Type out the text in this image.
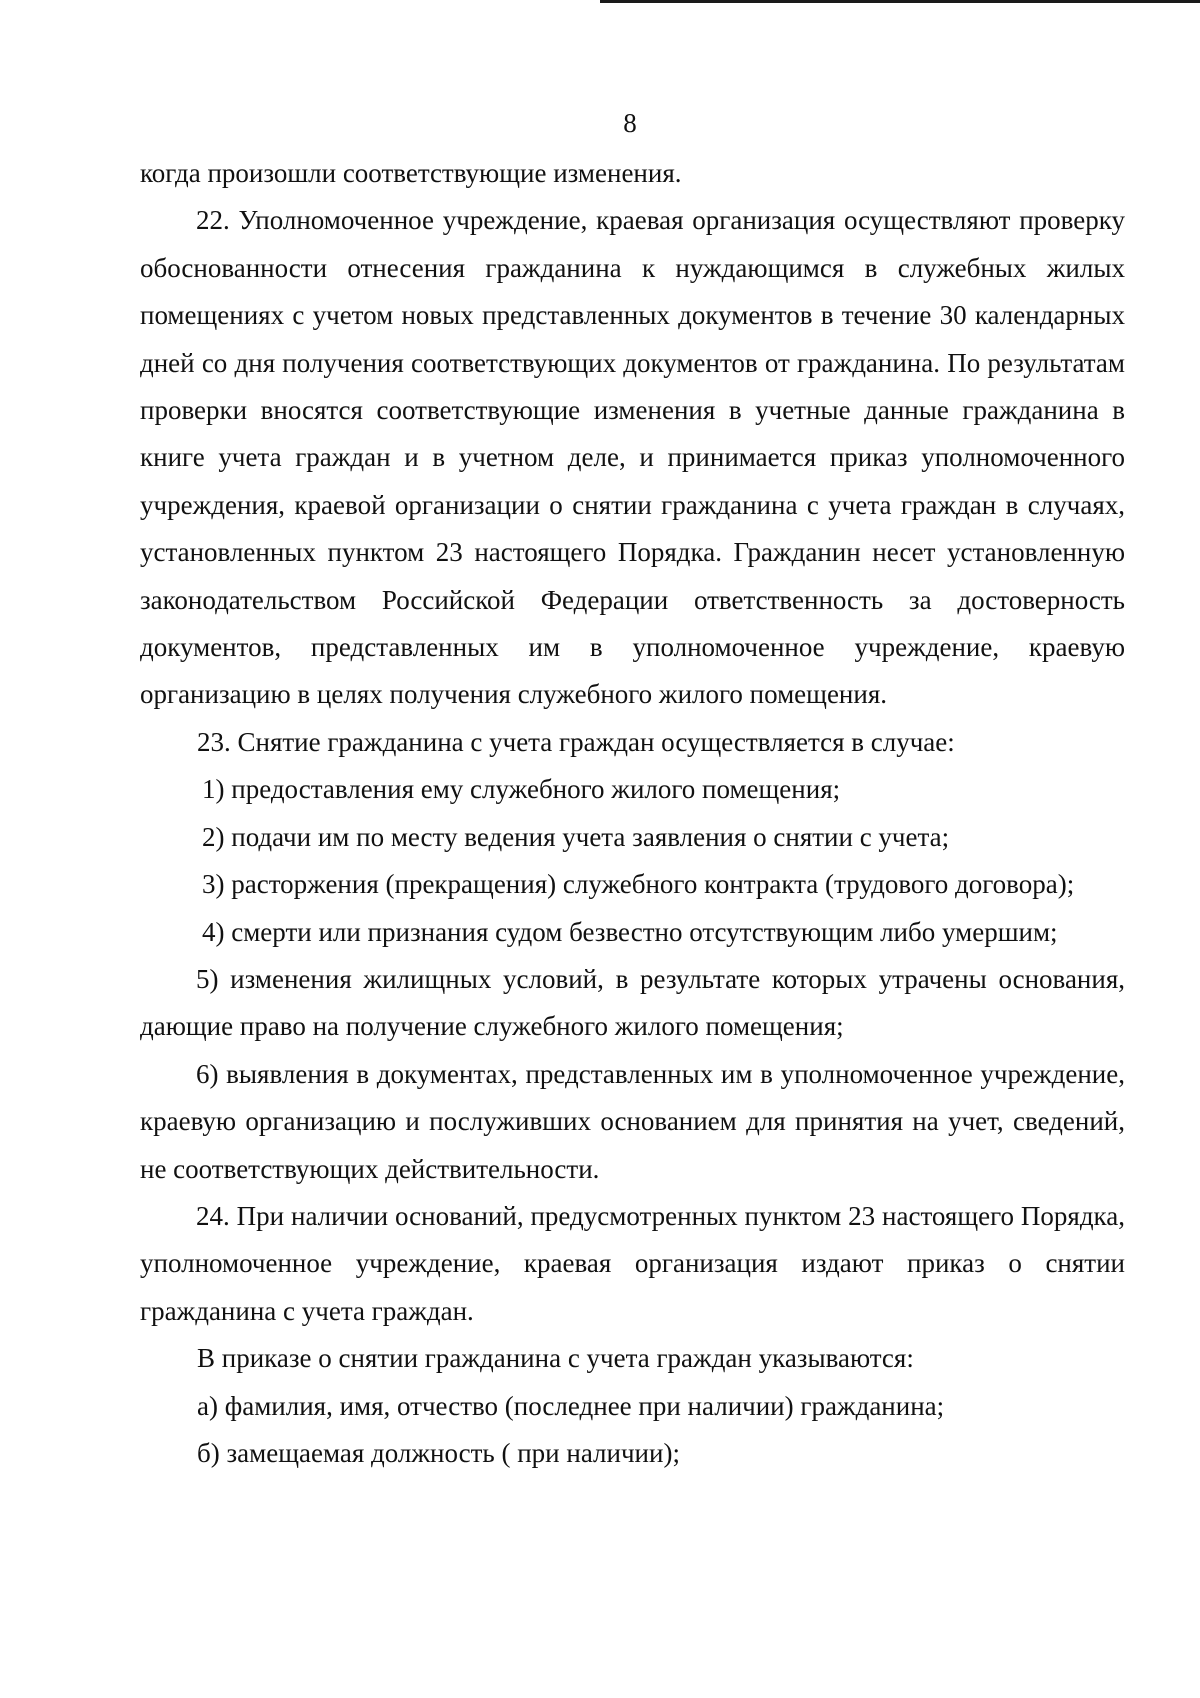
8

когда произошли соответствующие изменения.

22. Уполномоченное учреждение, краевая организация осуществляют проверку обоснованности отнесения гражданина к нуждающимся в служебных жилых помещениях с учетом новых представленных документов в течение 30 календарных дней со дня получения соответствующих документов от гражданина. По результатам проверки вносятся соответствующие изменения в учетные данные гражданина в книге учета граждан и в учетном деле, и принимается приказ уполномоченного учреждения, краевой организации о снятии гражданина с учета граждан в случаях, установленных пунктом 23 настоящего Порядка. Гражданин несет установленную законодательством Российской Федерации ответственность за достоверность документов, представленных им в уполномоченное учреждение, краевую организацию в целях получения служебного жилого помещения.

23. Снятие гражданина с учета граждан осуществляется в случае:

1) предоставления ему служебного жилого помещения;

2) подачи им по месту ведения учета заявления о снятии с учета;

3) расторжения (прекращения) служебного контракта (трудового договора);

4) смерти или признания судом безвестно отсутствующим либо умершим;

5) изменения жилищных условий, в результате которых утрачены основания, дающие право на получение служебного жилого помещения;

6) выявления в документах, представленных им в уполномоченное учреждение, краевую организацию и послуживших основанием для принятия на учет, сведений, не соответствующих действительности.

24. При наличии оснований, предусмотренных пунктом 23 настоящего Порядка, уполномоченное учреждение, краевая организация издают приказ о снятии гражданина с учета граждан.

В приказе о снятии гражданина с учета граждан указываются:

а) фамилия, имя, отчество (последнее при наличии) гражданина;

б) замещаемая должность ( при наличии);
